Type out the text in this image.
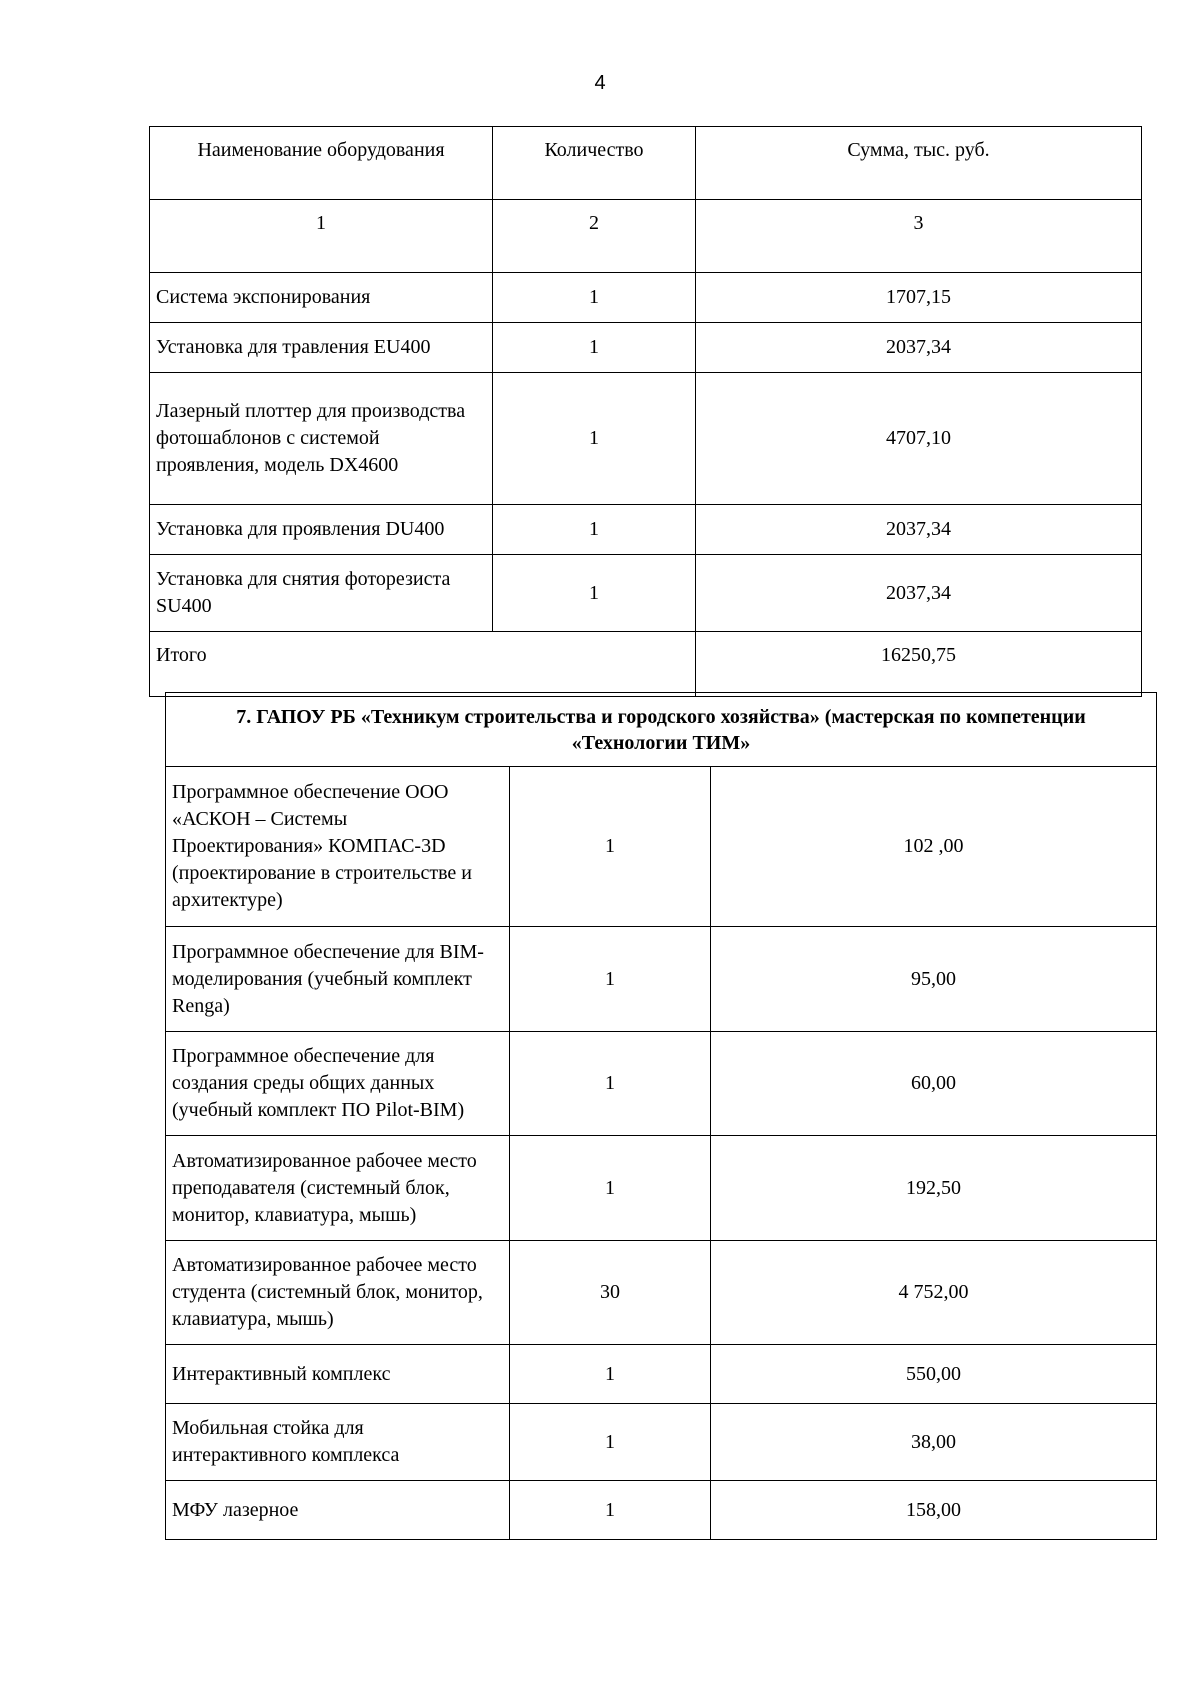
4
Наименование оборудования	Количество	Сумма, тыс. руб.
1	2	3
Система экспонирования	1	1707,15
Установка для травления EU400	1	2037,34
Лазерный плоттер для производства фотошаблонов с системой проявления, модель DX4600	1	4707,10
Установка для проявления DU400	1	2037,34
Установка для снятия фоторезиста SU400	1	2037,34
Итого		16250,75
7. ГАПОУ РБ «Техникум строительства и городского хозяйства» (мастерская по компетенции «Технологии ТИМ»		
Программное обеспечение ООО «АСКОН – Системы Проектирования» КОМПАС-3D (проектирование в строительстве и архитектуре)	1	102 ,00
Программное обеспечение для BIM-моделирования (учебный комплект Renga)	1	95,00
Программное обеспечение для создания среды общих данных (учебный комплект ПО Pilot-BIM)	1	60,00
Автоматизированное рабочее место преподавателя (системный блок, монитор, клавиатура, мышь)	1	192,50
Автоматизированное рабочее место студента (системный блок, монитор, клавиатура, мышь)	30	4 752,00
Интерактивный комплекс	1	550,00
Мобильная стойка для интерактивного комплекса	1	38,00
МФУ лазерное	1	158,00
